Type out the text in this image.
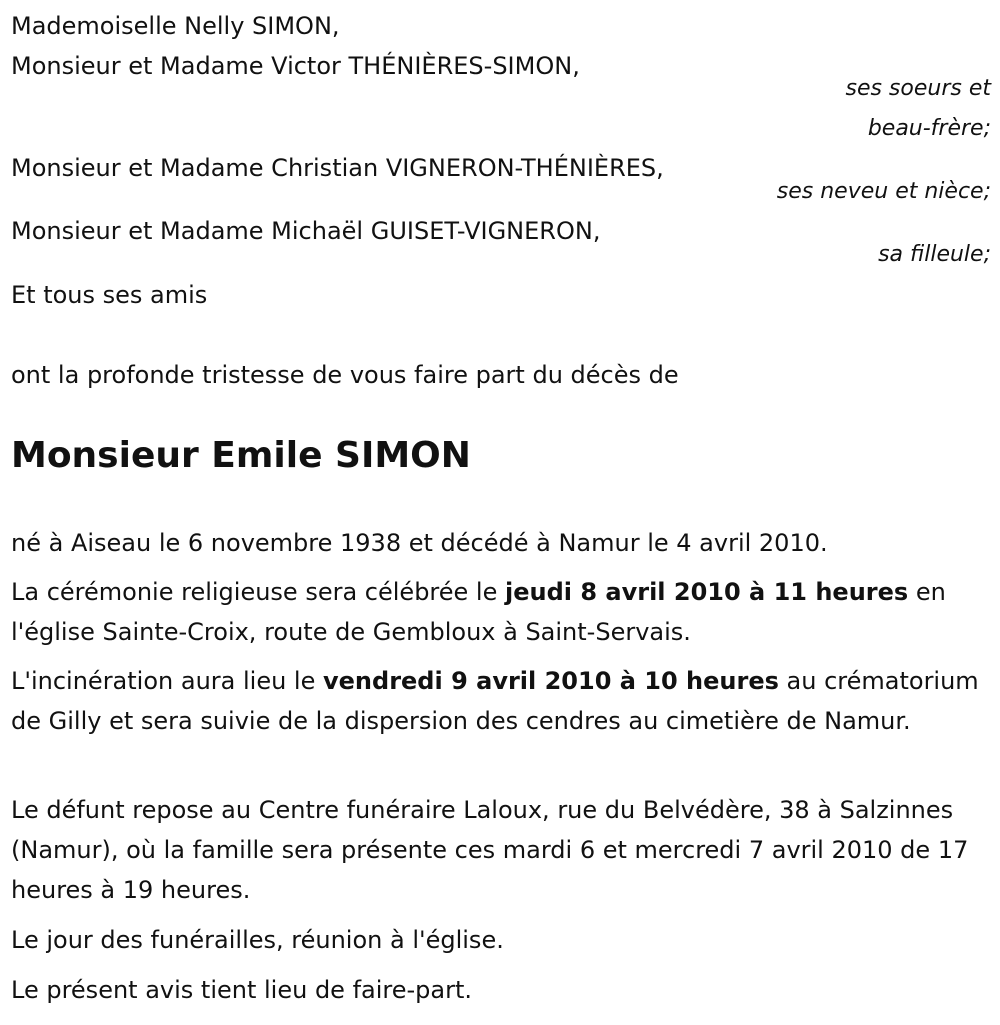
Mademoiselle Nelly SIMON,
Monsieur et Madame Victor THÉNIÈRES-SIMON,
ses soeurs et
beau-frère;
Monsieur et Madame Christian VIGNERON-THÉNIÈRES,
ses neveu et nièce;
Monsieur et Madame Michaël GUISET-VIGNERON,
sa filleule;
Et tous ses amis
ont la profonde tristesse de vous faire part du décès de
Monsieur Emile SIMON
né à Aiseau le 6 novembre 1938 et décédé à Namur le 4 avril 2010.
La cérémonie religieuse sera célébrée le jeudi 8 avril 2010 à 11 heures en l'église Sainte-Croix, route de Gembloux à Saint-Servais.
L'incinération aura lieu le vendredi 9 avril 2010 à 10 heures au crématorium de Gilly et sera suivie de la dispersion des cendres au cimetière de Namur.
Le défunt repose au Centre funéraire Laloux, rue du Belvédère, 38 à Salzinnes (Namur), où la famille sera présente ces mardi 6 et mercredi 7 avril 2010 de 17 heures à 19 heures.
Le jour des funérailles, réunion à l'église.
Le présent avis tient lieu de faire-part.
